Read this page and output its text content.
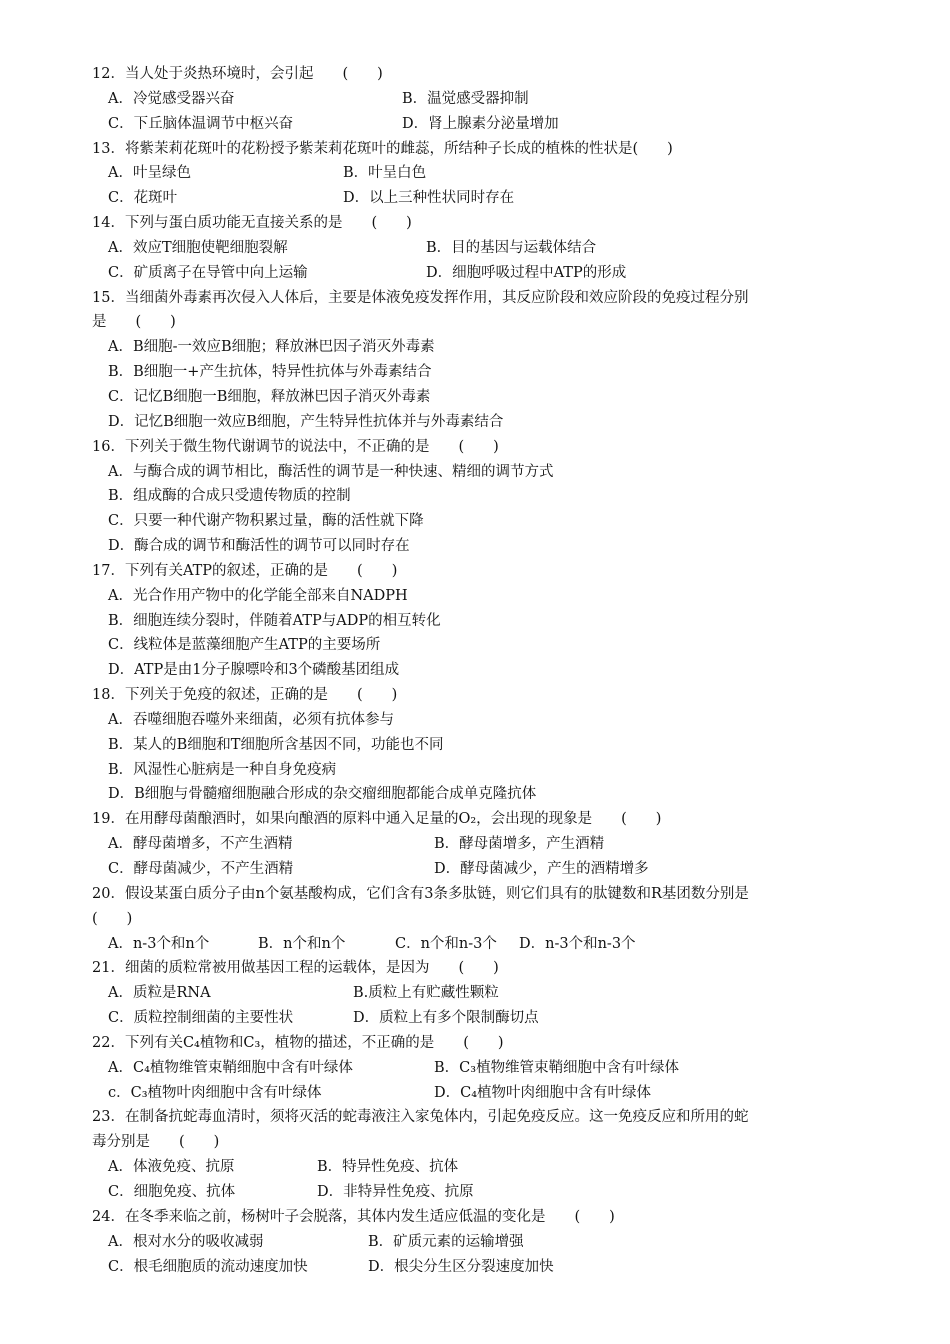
12．当人处于炎热环境时，会引起　　(　　)
A．冷觉感受器兴奋	B．温觉感受器抑制
C．下丘脑体温调节中枢兴奋	D．肾上腺素分泌量增加
13．将紫茉莉花斑叶的花粉授予紫茉莉花斑叶的雌蕊，所结种子长成的植株的性状是(　　)
A．叶呈绿色	B．叶呈白色
C．花斑叶	D．以上三种性状同时存在
14．下列与蛋白质功能无直接关系的是　　(　　)
A．效应T细胞使靶细胞裂解	B．目的基因与运载体结合
C．矿质离子在导管中向上运输	D．细胞呼吸过程中ATP的形成
15．当细菌外毒素再次侵入人体后，主要是体液免疫发挥作用，其反应阶段和效应阶段的免疫过程分别
是　　(　　)
A．B细胞-一效应B细胞；释放淋巴因子消灭外毒素
B．B细胞一+产生抗体，特异性抗体与外毒素结合
C．记忆B细胞一B细胞，释放淋巴因子消灭外毒素
D．记忆B细胞一效应B细胞，产生特异性抗体并与外毒素结合
16．下列关于微生物代谢调节的说法中，不正确的是　　(　　)
A．与酶合成的调节相比，酶活性的调节是一种快速、精细的调节方式
B．组成酶的合成只受遗传物质的控制
C．只要一种代谢产物积累过量，酶的活性就下降
D．酶合成的调节和酶活性的调节可以同时存在
17．下列有关ATP的叙述，正确的是　　(　　)
A．光合作用产物中的化学能全部来自NADPH
B．细胞连续分裂时，伴随着ATP与ADP的相互转化
C．线粒体是蓝藻细胞产生ATP的主要场所
D．ATP是由1分子腺嘌呤和3个磷酸基团组成
18．下列关于免疫的叙述，正确的是　　(　　)
A．吞噬细胞吞噬外来细菌，必须有抗体参与
B．某人的B细胞和T细胞所含基因不同，功能也不同
B．风湿性心脏病是一种自身免疫病
D．B细胞与骨髓瘤细胞融合形成的杂交瘤细胞都能合成单克隆抗体
19．在用酵母菌酿酒时，如果向酿酒的原料中通入足量的O₂，会出现的现象是　　(　　)
A．酵母菌增多，不产生酒精	B．酵母菌增多，产生酒精
C．酵母菌减少，不产生酒精	D．酵母菌减少，产生的酒精增多
20．假设某蛋白质分子由n个氨基酸构成，它们含有3条多肽链，则它们具有的肽键数和R基团数分别是
(　　)
A．n-3个和n个	B．n个和n个	C．n个和n-3个 D．n-3个和n-3个
21．细菌的质粒常被用做基因工程的运载体，是因为　　(　　)
A．质粒是RNA	B.质粒上有贮藏性颗粒
C．质粒控制细菌的主要性状	D．质粒上有多个限制酶切点
22．下列有关C₄植物和C₃，植物的描述，不正确的是　　(　　)
A．C₄植物维管束鞘细胞中含有叶绿体	B．C₃植物维管束鞘细胞中含有叶绿体
c．C₃植物叶肉细胞中含有叶绿体	D．C₄植物叶肉细胞中含有叶绿体
23．在制备抗蛇毒血清时，须将灭活的蛇毒液注入家兔体内，引起免疫反应。这一免疫反应和所用的蛇
毒分别是　　(　　)
A．体液免疫、抗原	B．特异性免疫、抗体
C．细胞免疫、抗体	D．非特异性免疫、抗原
24．在冬季来临之前，杨树叶子会脱落，其体内发生适应低温的变化是　　(　　)
A．根对水分的吸收减弱	B．矿质元素的运输增强
C．根毛细胞质的流动速度加快	D．根尖分生区分裂速度加快
